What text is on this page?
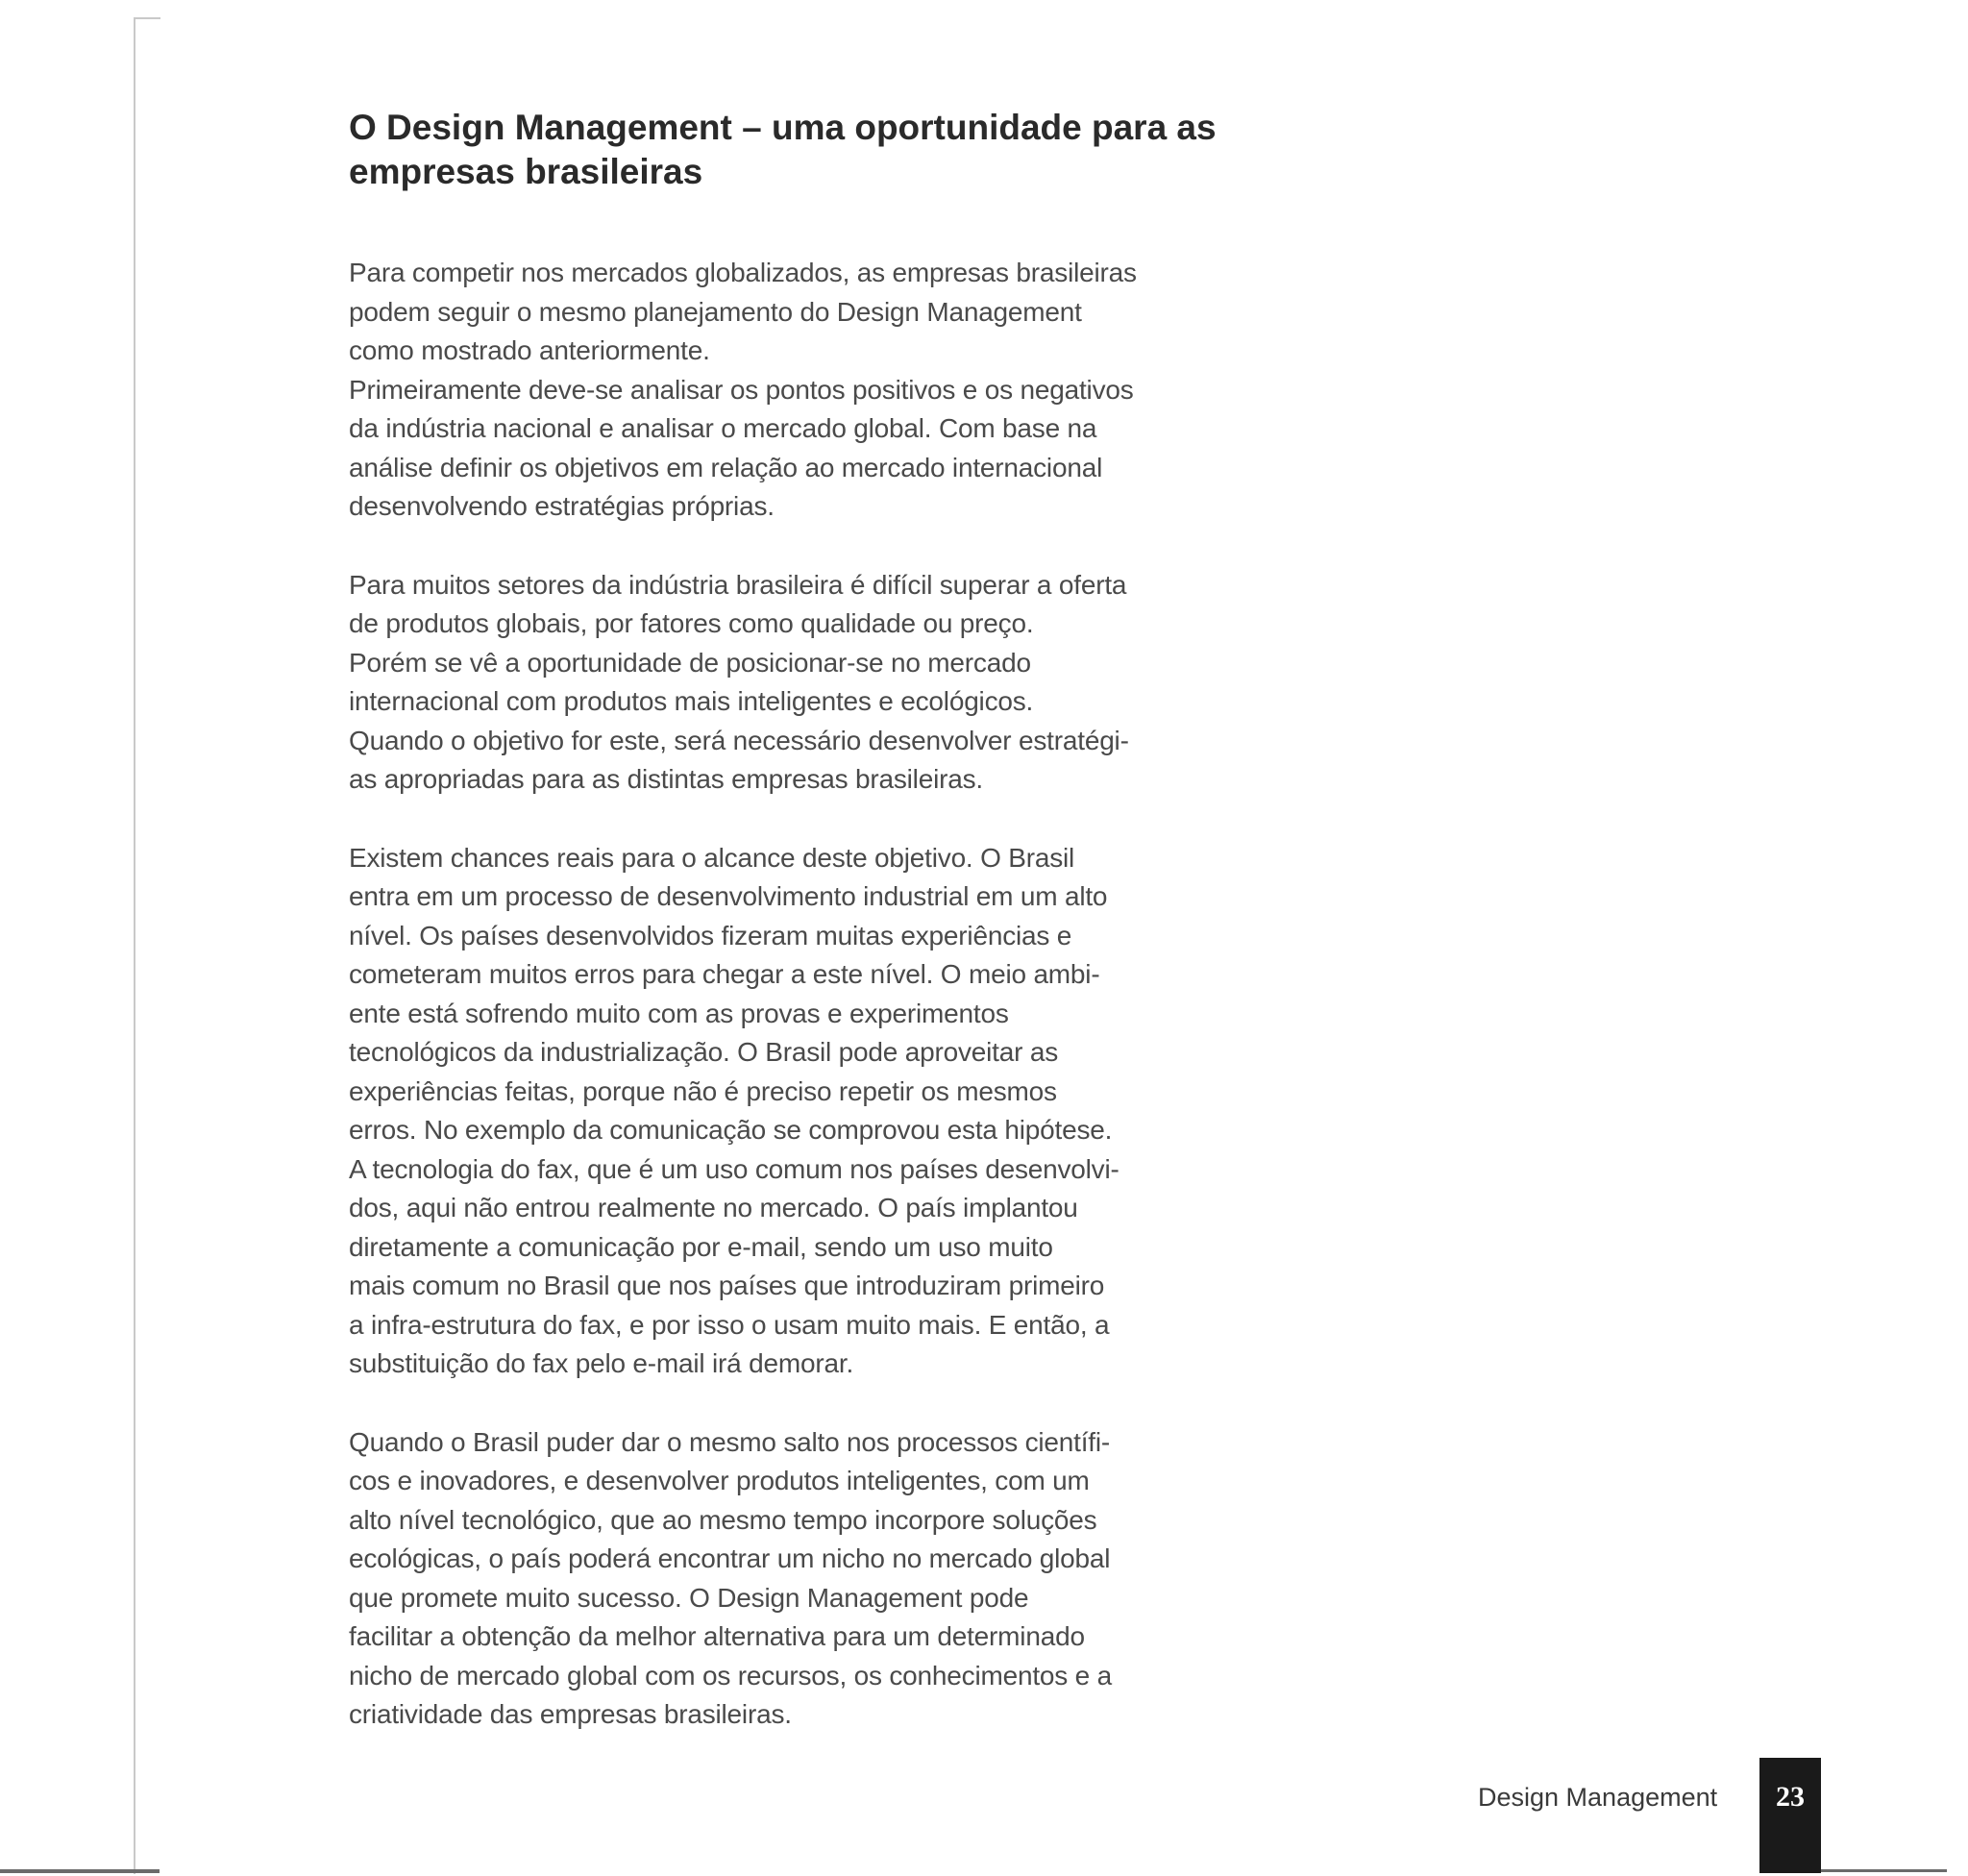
O Design Management – uma oportunidade para as empresas brasileiras

Para competir nos mercados globalizados, as empresas brasileiras
podem seguir o mesmo planejamento do Design Management
como mostrado anteriormente.
Primeiramente deve-se analisar os pontos positivos e os negativos
da indústria nacional e analisar o mercado global. Com base na
análise definir os objetivos em relação ao mercado internacional
desenvolvendo estratégias próprias.

Para muitos setores da indústria brasileira é difícil superar a oferta
de produtos globais, por fatores como qualidade ou preço.
Porém se vê a oportunidade de posicionar-se no mercado
internacional com produtos mais inteligentes e ecológicos.
Quando o objetivo for este, será necessário desenvolver estratégi-
as apropriadas para as distintas empresas brasileiras.

Existem chances reais para o alcance deste objetivo. O Brasil
entra em um processo de desenvolvimento industrial em um alto
nível. Os países desenvolvidos fizeram muitas experiências e
cometeram muitos erros para chegar a este nível. O meio ambi-
ente está sofrendo muito com as provas e experimentos
tecnológicos da industrialização. O Brasil pode aproveitar as
experiências feitas, porque não é preciso repetir os mesmos
erros. No exemplo da comunicação se comprovou esta hipótese.
A tecnologia do fax, que é um uso comum nos países desenvolvi-
dos, aqui não entrou realmente no mercado. O país implantou
diretamente a comunicação por e-mail, sendo um uso muito
mais comum no Brasil que nos países que introduziram primeiro
a infra-estrutura do fax, e por isso o usam muito mais. E então, a
substituição do fax pelo e-mail irá demorar.

Quando o Brasil puder dar o mesmo salto nos processos científi-
cos e inovadores, e desenvolver produtos inteligentes, com um
alto nível tecnológico, que ao mesmo tempo incorpore soluções
ecológicas, o país poderá encontrar um nicho no mercado global
que promete muito sucesso. O Design Management pode
facilitar a obtenção da melhor alternativa para um determinado
nicho de mercado global com os recursos, os conhecimentos e a
criatividade das empresas brasileiras.

Design Management	23
